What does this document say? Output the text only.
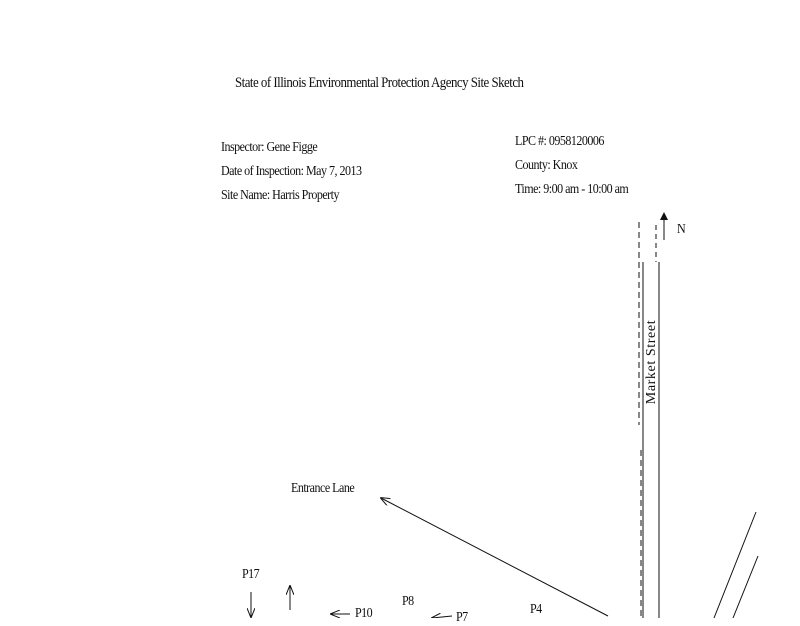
State of Illinois Environmental Protection Agency Site Sketch
Inspector: Gene Figge
Date of Inspection: May 7, 2013
Site Name: Harris Property
LPC #: 0958120006
County: Knox
Time: 9:00 am - 10:00 am
N
Market Street
Entrance Lane
P17
P8
P10	P7
P4
